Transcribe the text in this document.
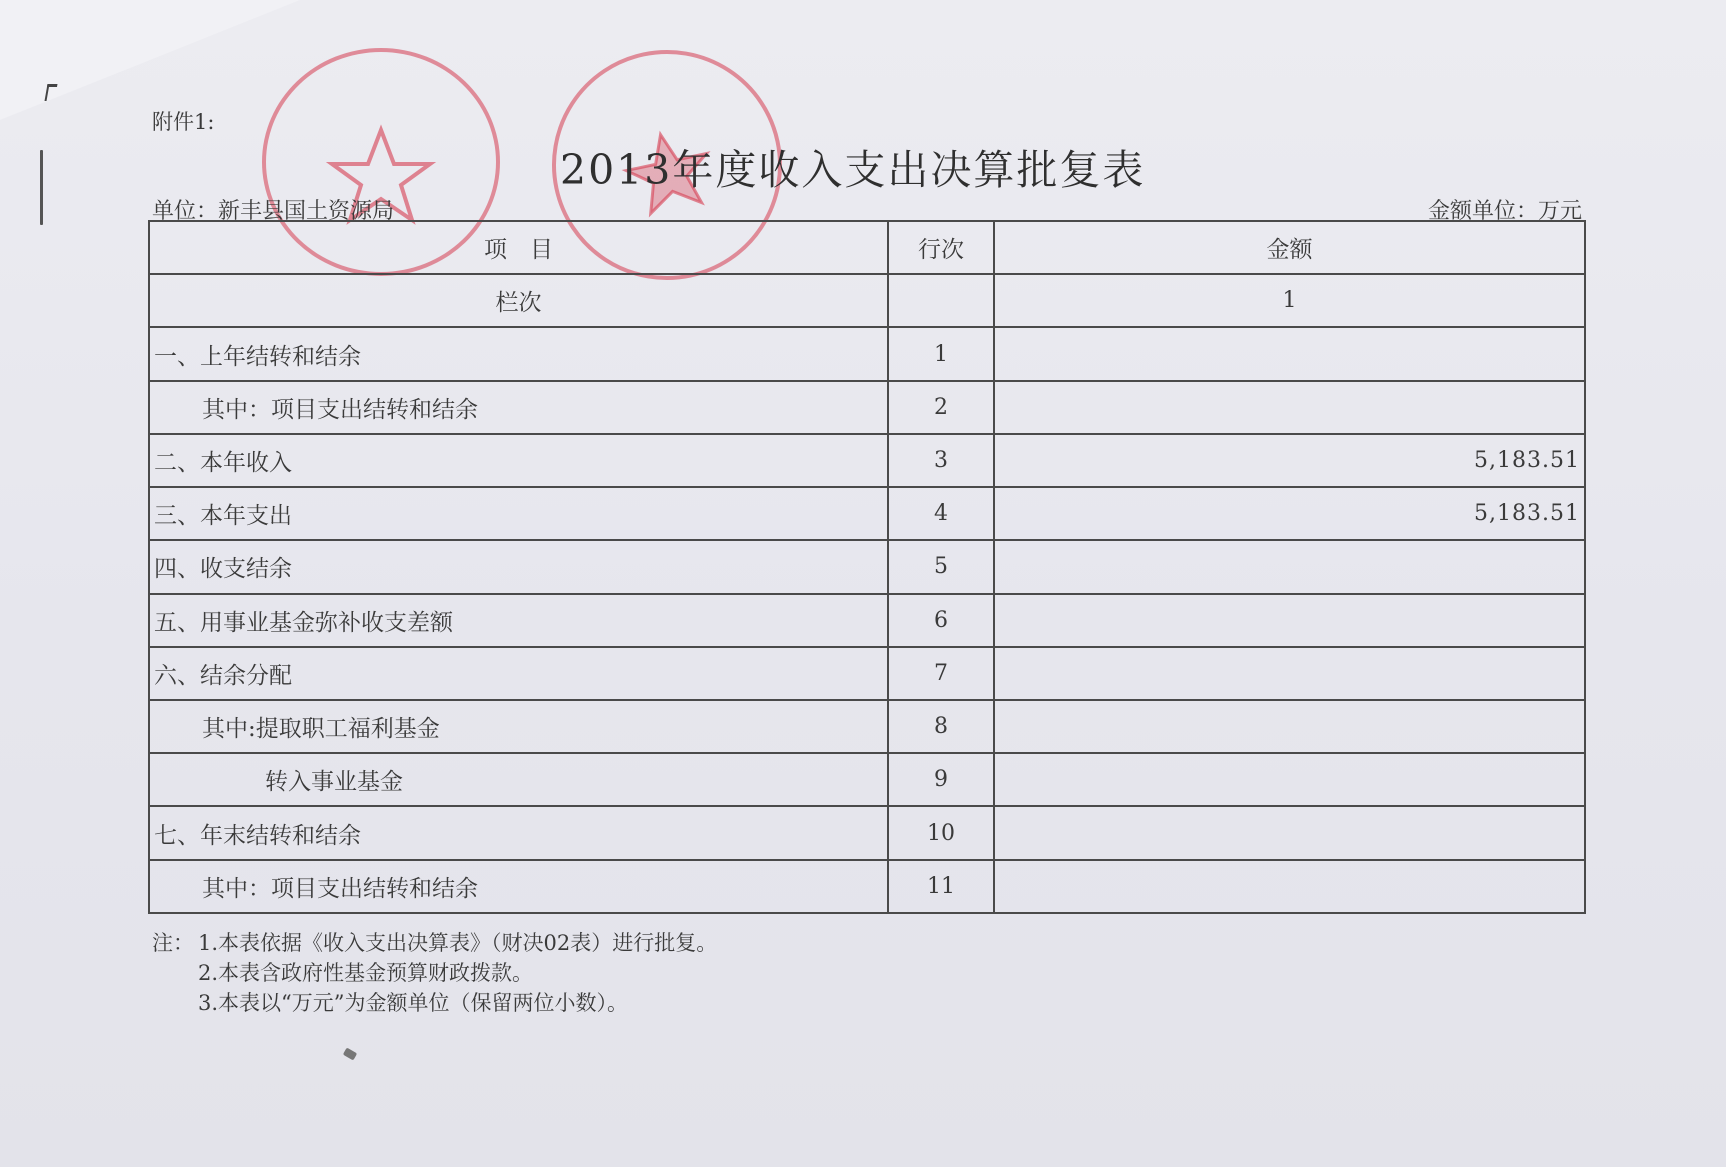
附件1:
2013年度收入支出决算批复表
单位：新丰县国土资源局	金额单位：万元
项　目	行次	金额
栏次		1
一、上年结转和结余	1	
其中：项目支出结转和结余	2	
二、本年收入	3	5,183.51
三、本年支出	4	5,183.51
四、收支结余	5	
五、用事业基金弥补收支差额	6	
六、结余分配	7	
其中:提取职工福利基金	8	
转入事业基金	9	
七、年末结转和结余	10	
其中：项目支出结转和结余	11	
注： 1.本表依据《收入支出决算表》（财决02表）进行批复。
2.本表含政府性基金预算财政拨款。
3.本表以“万元”为金额单位（保留两位小数）。
